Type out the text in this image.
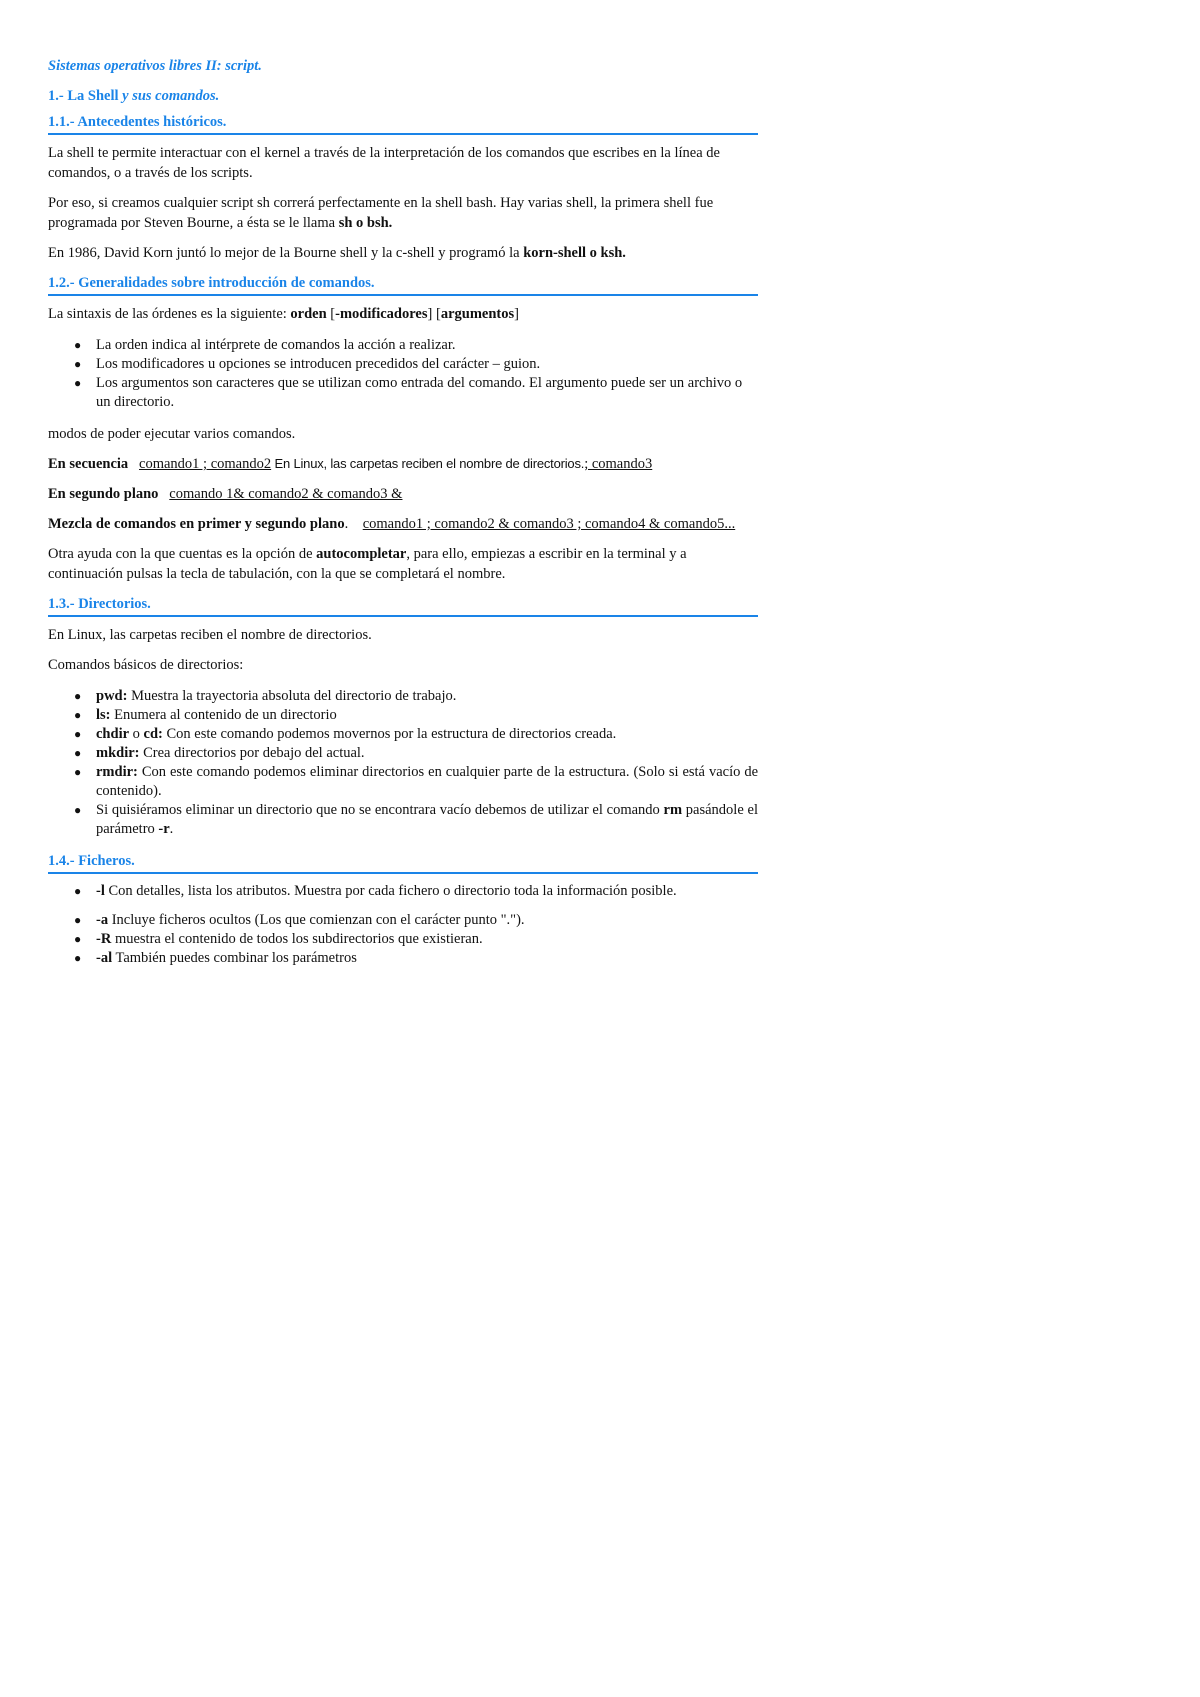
Sistemas operativos libres II: script.
1.- La Shell y sus comandos.
1.1.- Antecedentes históricos.

La shell te permite interactuar con el kernel a través de la interpretación de los comandos que escribes en la línea de comandos, o a través de los scripts.

Por eso, si creamos cualquier script sh correrá perfectamente en la shell bash. Hay varias shell, la primera shell fue programada por Steven Bourne, a ésta se le llama sh o bsh.

En 1986, David Korn juntó lo mejor de la Bourne shell y la c-shell y programó la korn-shell o ksh.

1.2.- Generalidades sobre introducción de comandos.

La sintaxis de las órdenes es la siguiente: orden [-modificadores] [argumentos]

● La orden indica al intérprete de comandos la acción a realizar.
● Los modificadores u opciones se introducen precedidos del carácter – guion.
● Los argumentos son caracteres que se utilizan como entrada del comando. El argumento puede ser un archivo o un directorio.

modos de poder ejecutar varios comandos.

En secuencia comando1 ; comando2 En Linux, las carpetas reciben el nombre de directorios.; comando3

En segundo plano comando 1& comando2 & comando3 &

Mezcla de comandos en primer y segundo plano.    comando1 ; comando2 & comando3 ; comando4 & comando5...

Otra ayuda con la que cuentas es la opción de autocompletar, para ello, empiezas a escribir en la terminal y a continuación pulsas la tecla de tabulación, con la que se completará el nombre.

1.3.- Directorios.

En Linux, las carpetas reciben el nombre de directorios.

Comandos básicos de directorios:

● pwd: Muestra la trayectoria absoluta del directorio de trabajo.
● ls: Enumera al contenido de un directorio
● chdir o cd: Con este comando podemos movernos por la estructura de directorios creada.
● mkdir: Crea directorios por debajo del actual.
● rmdir: Con este comando podemos eliminar directorios en cualquier parte de la estructura. (Solo si está vacío de contenido).
● Si quisiéramos eliminar un directorio que no se encontrara vacío debemos de utilizar el comando rm pasándole el parámetro -r.
1.4.- Ficheros.
● -l Con detalles, lista los atributos. Muestra por cada fichero o directorio toda la información posible.
● -a Incluye ficheros ocultos (Los que comienzan con el carácter punto ".").
● -R muestra el contenido de todos los subdirectorios que existieran.
● -al También puedes combinar los parámetros
